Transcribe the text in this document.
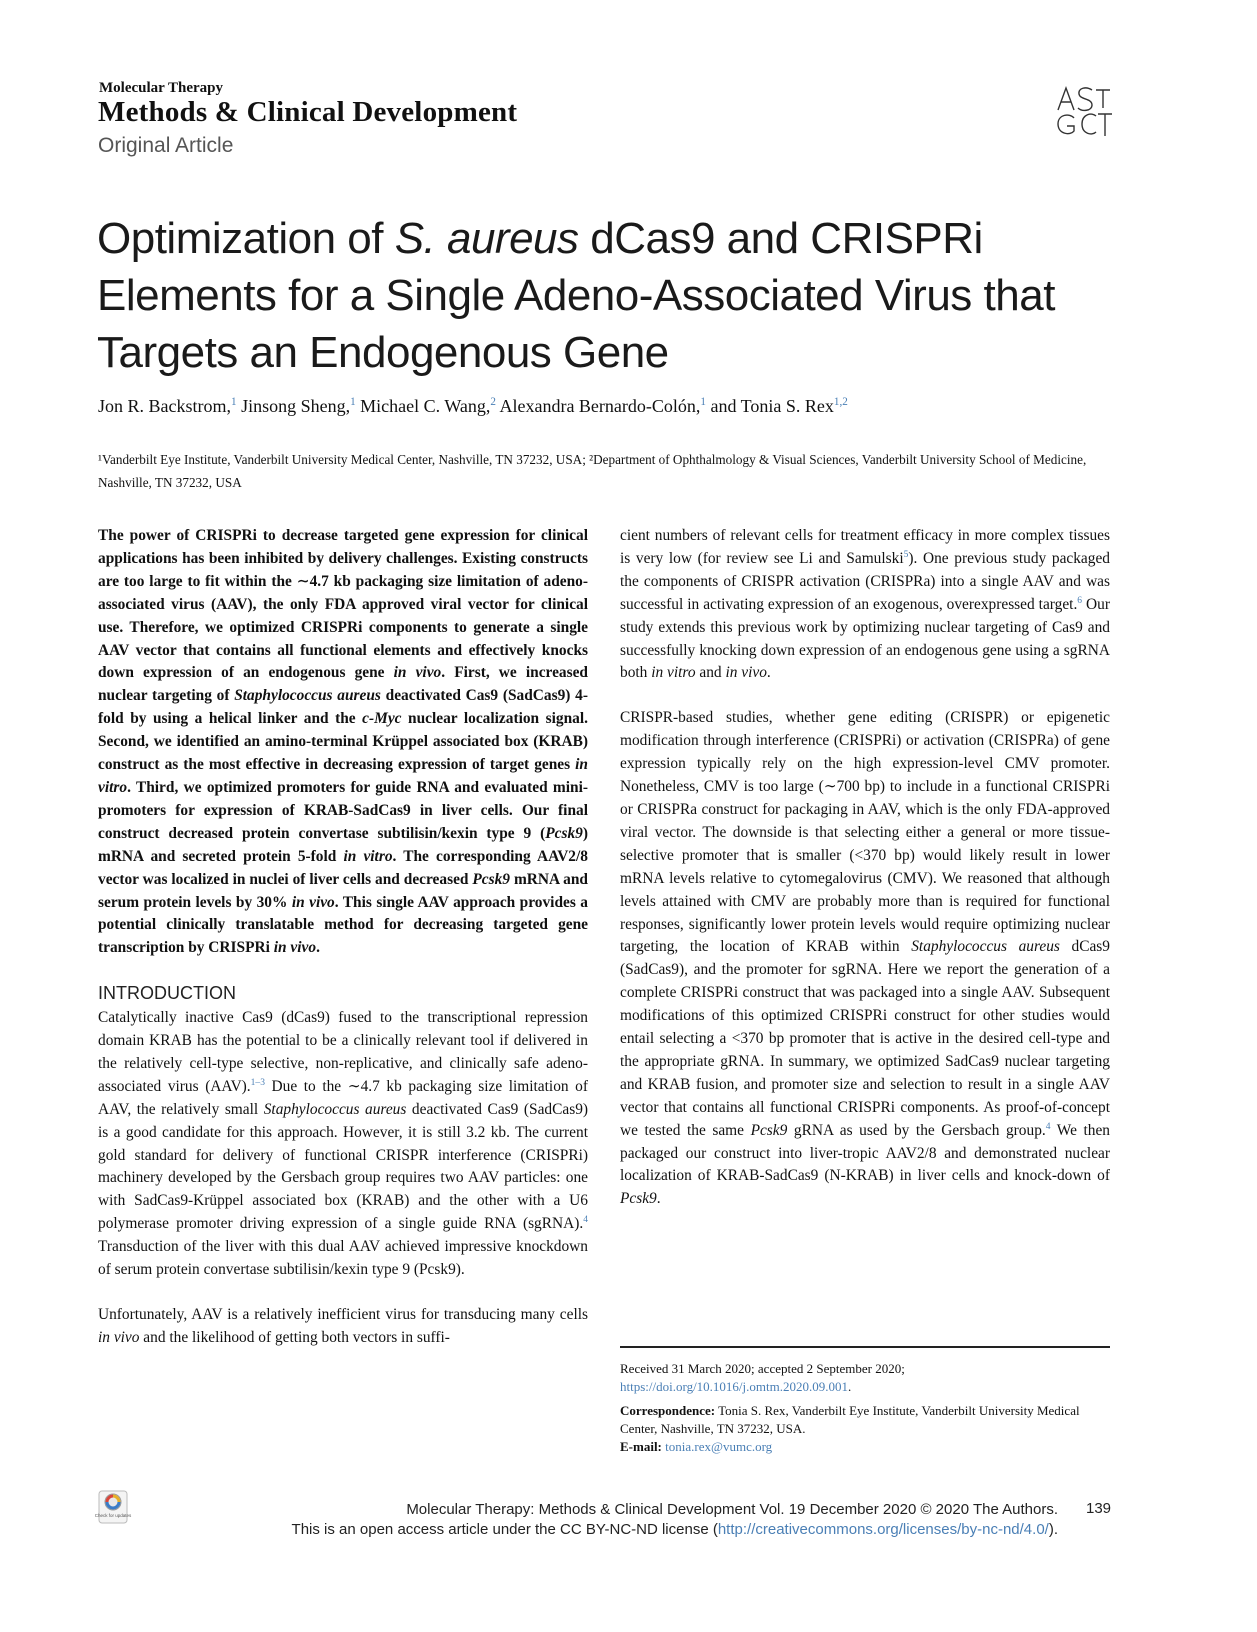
Molecular Therapy
Methods & Clinical Development
Original Article
Optimization of S. aureus dCas9 and CRISPRi Elements for a Single Adeno-Associated Virus that Targets an Endogenous Gene
Jon R. Backstrom,$^1$ Jinsong Sheng,$^1$ Michael C. Wang,$^2$ Alexandra Bernardo-Colón,$^1$ and Tonia S. Rex$^{1,2}$
¹Vanderbilt Eye Institute, Vanderbilt University Medical Center, Nashville, TN 37232, USA; ²Department of Ophthalmology & Visual Sciences, Vanderbilt University School of Medicine, Nashville, TN 37232, USA

The power of CRISPRi to decrease targeted gene expression for clinical applications has been inhibited by delivery challenges. Existing constructs are too large to fit within the ∼4.7 kb packaging size limitation of adeno-associated virus (AAV), the only FDA approved viral vector for clinical use. Therefore, we optimized CRISPRi components to generate a single AAV vector that contains all functional elements and effectively knocks down expression of an endogenous gene in vivo. First, we increased nuclear targeting of Staphylococcus aureus deactivated Cas9 (SadCas9) 4-fold by using a helical linker and the c-Myc nuclear localization signal. Second, we identified an amino-terminal Krüppel associated box (KRAB) construct as the most effective in decreasing expression of target genes in vitro. Third, we optimized promoters for guide RNA and evaluated mini-promoters for expression of KRAB-SadCas9 in liver cells. Our final construct decreased protein convertase subtilisin/kexin type 9 (Pcsk9) mRNA and secreted protein 5-fold in vitro. The corresponding AAV2/8 vector was localized in nuclei of liver cells and decreased Pcsk9 mRNA and serum protein levels by 30% in vivo. This single AAV approach provides a potential clinically translatable method for decreasing targeted gene transcription by CRISPRi in vivo.

INTRODUCTION

Catalytically inactive Cas9 (dCas9) fused to the transcriptional repression domain KRAB has the potential to be a clinically relevant tool if delivered in the relatively cell-type selective, non-replicative, and clinically safe adeno-associated virus (AAV).$^{1-3}$ Due to the ∼4.7 kb packaging size limitation of AAV, the relatively small Staphylococcus aureus deactivated Cas9 (SadCas9) is a good candidate for this approach. However, it is still 3.2 kb. The current gold standard for delivery of functional CRISPR interference (CRISPRi) machinery developed by the Gersbach group requires two AAV particles: one with SadCas9-Krüppel associated box (KRAB) and the other with a U6 polymerase promoter driving expression of a single guide RNA (sgRNA).$^4$ Transduction of the liver with this dual AAV achieved impressive knockdown of serum protein convertase subtilisin/kexin type 9 (Pcsk9).

Unfortunately, AAV is a relatively inefficient virus for transducing many cells in vivo and the likelihood of getting both vectors in suffi-

cient numbers of relevant cells for treatment efficacy in more complex tissues is very low (for review see Li and Samulski$^5$). One previous study packaged the components of CRISPR activation (CRISPRa) into a single AAV and was successful in activating expression of an exogenous, overexpressed target.$^6$ Our study extends this previous work by optimizing nuclear targeting of Cas9 and successfully knocking down expression of an endogenous gene using a sgRNA both in vitro and in vivo.

CRISPR-based studies, whether gene editing (CRISPR) or epigenetic modification through interference (CRISPRi) or activation (CRISPRa) of gene expression typically rely on the high expression-level CMV promoter. Nonetheless, CMV is too large (∼700 bp) to include in a functional CRISPRi or CRISPRa construct for packaging in AAV, which is the only FDA-approved viral vector. The downside is that selecting either a general or more tissue-selective promoter that is smaller (<370 bp) would likely result in lower mRNA levels relative to cytomegalovirus (CMV). We reasoned that although levels attained with CMV are probably more than is required for functional responses, significantly lower protein levels would require optimizing nuclear targeting, the location of KRAB within Staphylococcus aureus dCas9 (SadCas9), and the promoter for sgRNA. Here we report the generation of a complete CRISPRi construct that was packaged into a single AAV. Subsequent modifications of this optimized CRISPRi construct for other studies would entail selecting a <370 bp promoter that is active in the desired cell-type and the appropriate gRNA. In summary, we optimized SadCas9 nuclear targeting and KRAB fusion, and promoter size and selection to result in a single AAV vector that contains all functional CRISPRi components. As proof-of-concept we tested the same Pcsk9 gRNA as used by the Gersbach group.$^4$ We then packaged our construct into liver-tropic AAV2/8 and demonstrated nuclear localization of KRAB-SadCas9 (N-KRAB) in liver cells and knock-down of Pcsk9.

Received 31 March 2020; accepted 2 September 2020;

https://doi.org/10.1016/j.omtm.2020.09.001.

Correspondence: Tonia S. Rex, Vanderbilt Eye Institute, Vanderbilt University Medical Center, Nashville, TN 37232, USA.

E-mail: tonia.rex@vumc.org

Check for updates	Molecular Therapy: Methods & Clinical Development Vol. 19 December 2020 © 2020 The Authors.
This is an open access article under the CC BY-NC-ND license (http://creativecommons.org/licenses/by-nc-nd/4.0/).
139
